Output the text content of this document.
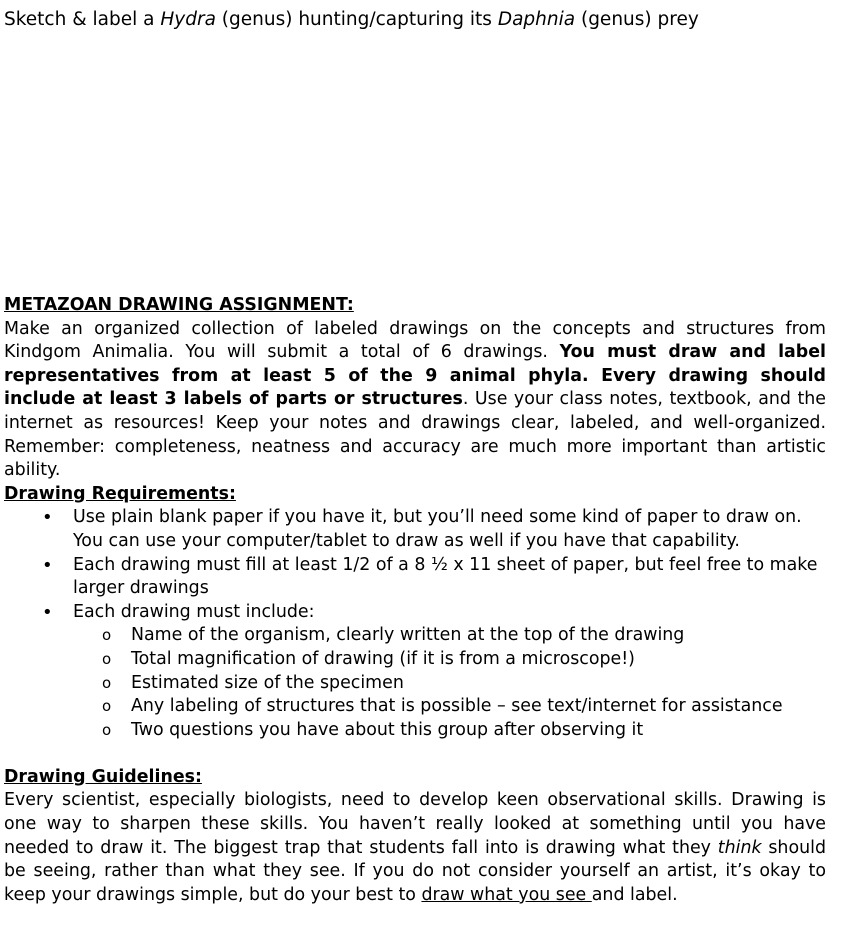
Sketch & label a Hydra (genus) hunting/capturing its Daphnia (genus) prey
METAZOAN DRAWING ASSIGNMENT:

Make an organized collection of labeled drawings on the concepts and structures from Kindgom Animalia. You will submit a total of 6 drawings. You must draw and label representatives from at least 5 of the 9 animal phyla. Every drawing should include at least 3 labels of parts or structures. Use your class notes, textbook, and the internet as resources! Keep your notes and drawings clear, labeled, and well-organized. Remember: completeness, neatness and accuracy are much more important than artistic ability.

Drawing Requirements:
• Use plain blank paper if you have it, but you’ll need some kind of paper to draw on. You can use your computer/tablet to draw as well if you have that capability.
• Each drawing must fill at least 1/2 of a 8 ½ x 11 sheet of paper, but feel free to make larger drawings
• Each drawing must include:
o Name of the organism, clearly written at the top of the drawing
o Total magnification of drawing (if it is from a microscope!)
o Estimated size of the specimen
o Any labeling of structures that is possible – see text/internet for assistance
o Two questions you have about this group after observing it
Drawing Guidelines:

Every scientist, especially biologists, need to develop keen observational skills. Drawing is one way to sharpen these skills. You haven’t really looked at something until you have needed to draw it. The biggest trap that students fall into is drawing what they think should be seeing, rather than what they see. If you do not consider yourself an artist, it’s okay to keep your drawings simple, but do your best to draw what you see and label.
